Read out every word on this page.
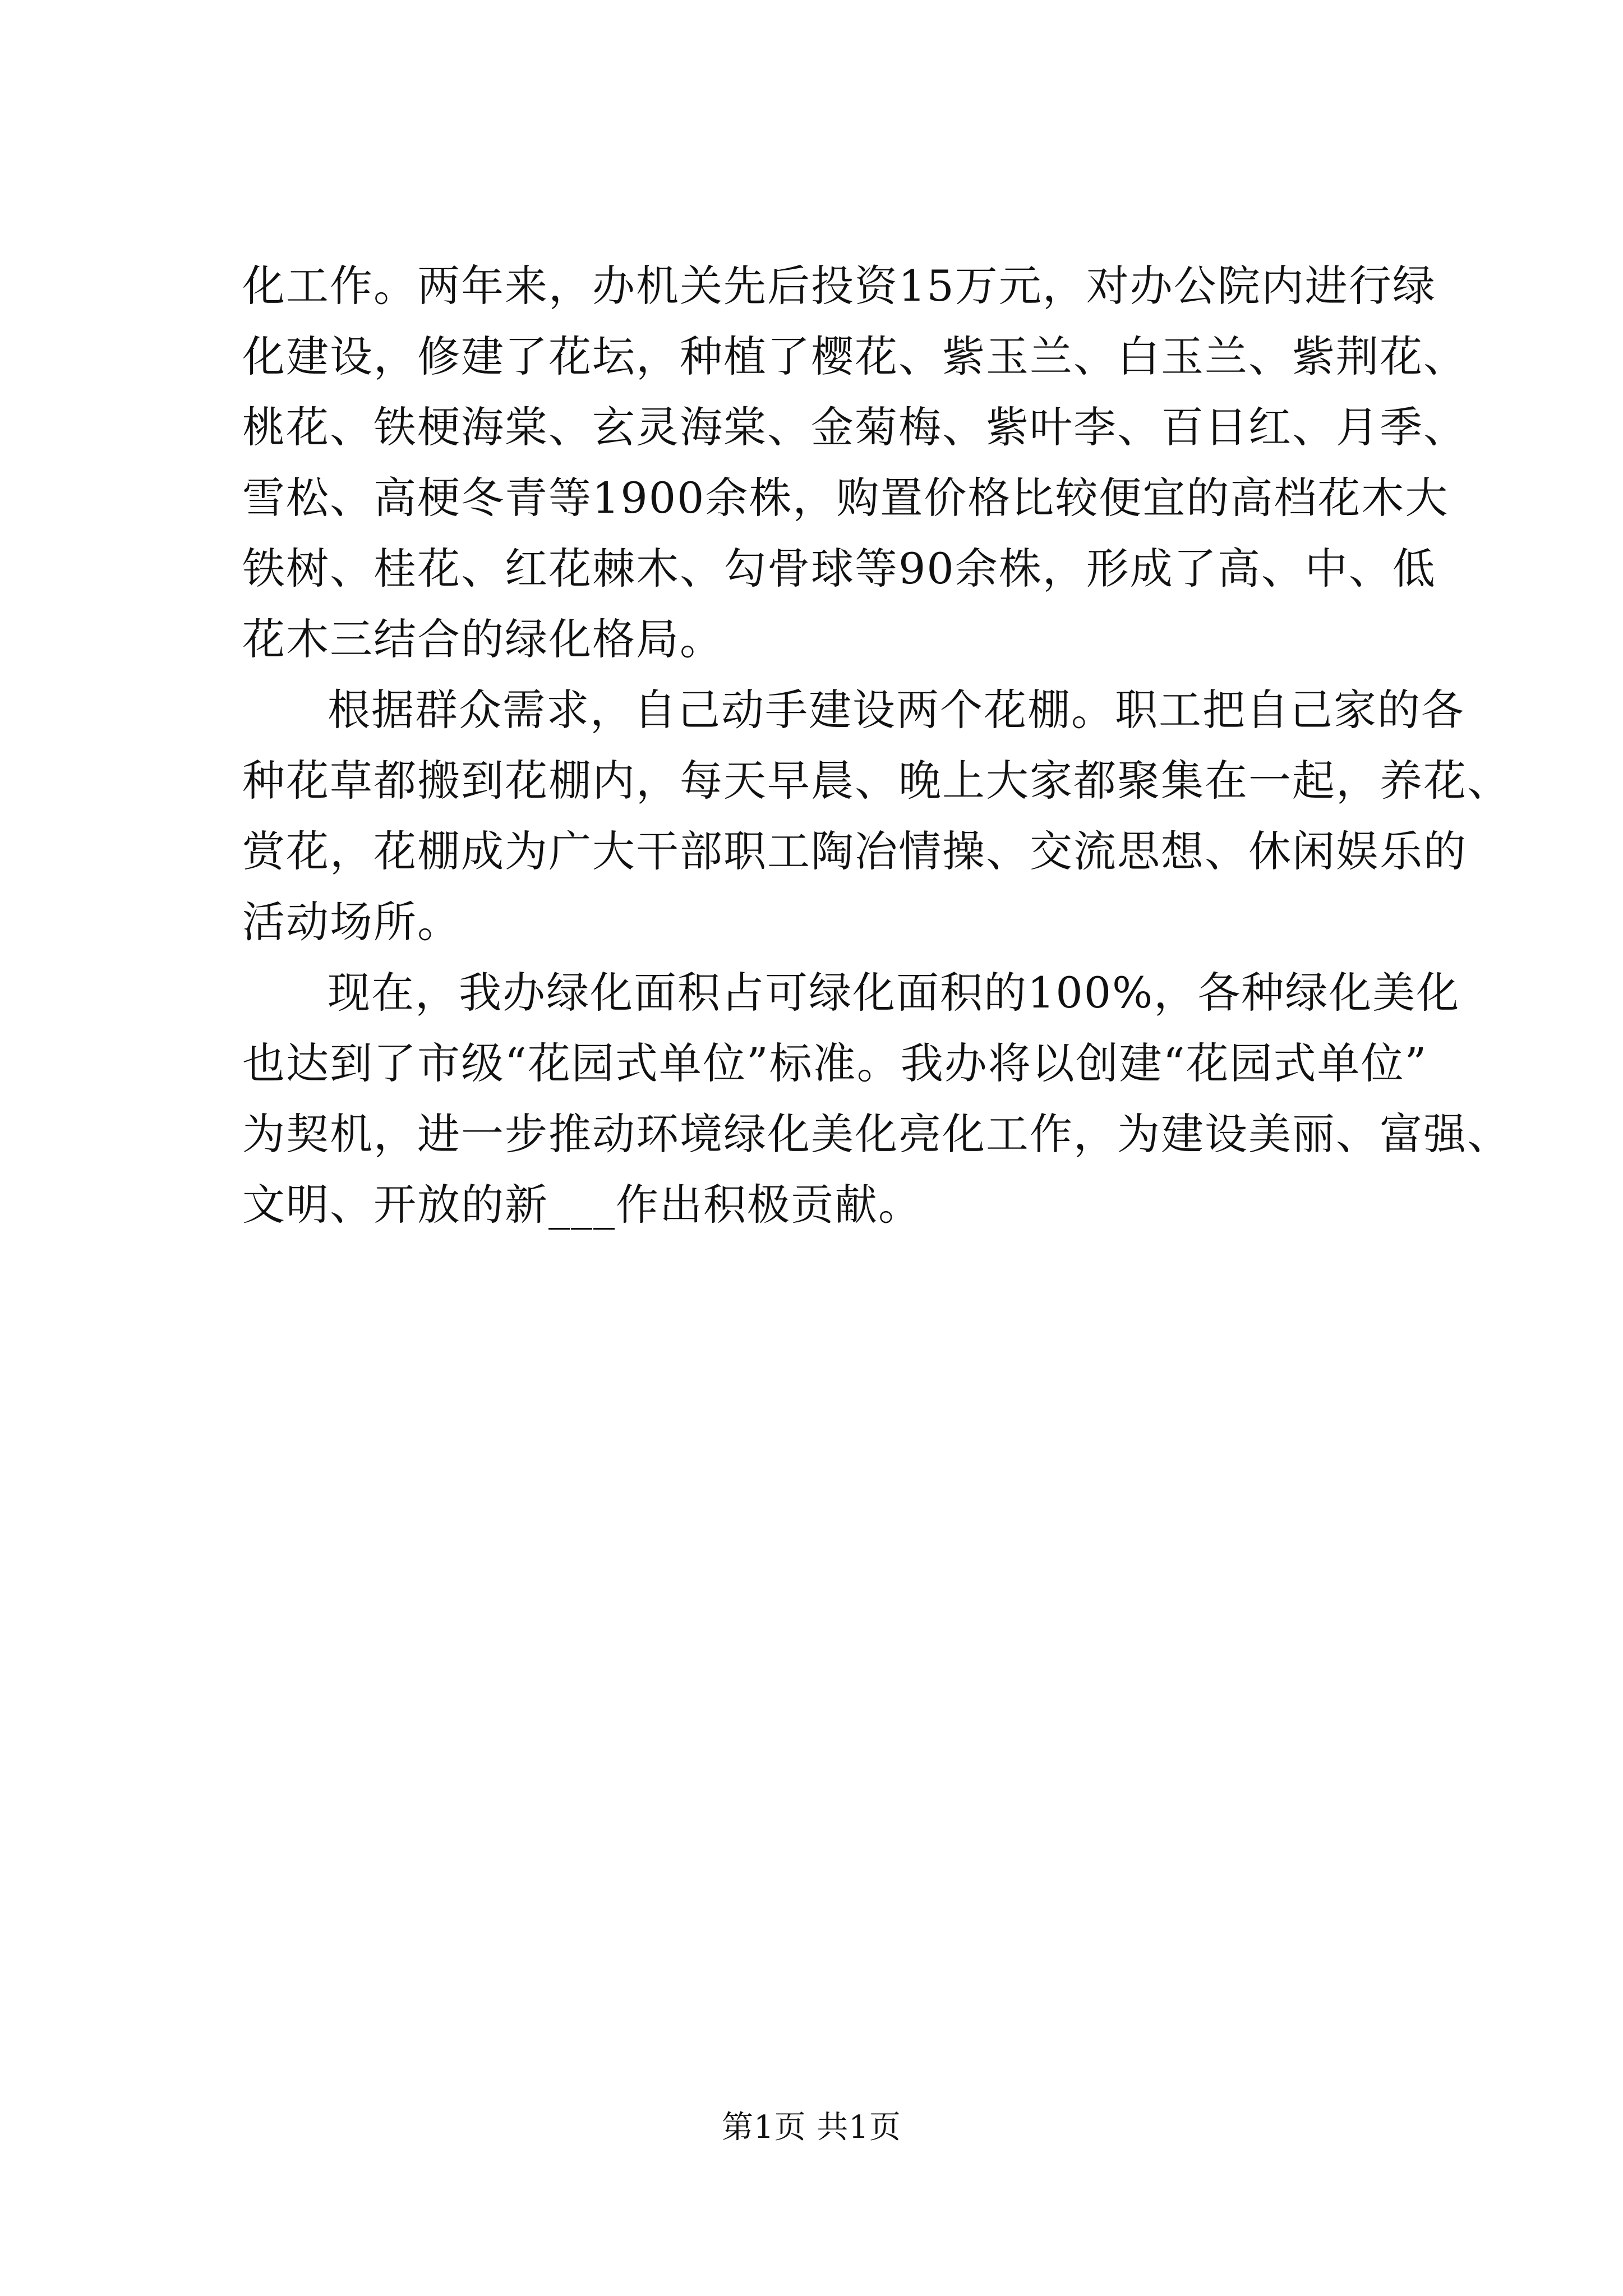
化工作。两年来，办机关先后投资15万元，对办公院内进行绿
化建设，修建了花坛，种植了樱花、紫玉兰、白玉兰、紫荆花、
桃花、铁梗海棠、玄灵海棠、金菊梅、紫叶李、百日红、月季、
雪松、高梗冬青等1900余株，购置价格比较便宜的高档花木大
铁树、桂花、红花棘木、勾骨球等90余株，形成了高、中、低
花木三结合的绿化格局。
根据群众需求，自己动手建设两个花棚。职工把自己家的各
种花草都搬到花棚内，每天早晨、晚上大家都聚集在一起，养花、
赏花，花棚成为广大干部职工陶冶情操、交流思想、休闲娱乐的
活动场所。
现在，我办绿化面积占可绿化面积的100%，各种绿化美化
也达到了市级“花园式单位”标准。我办将以创建“花园式单位”
为契机，进一步推动环境绿化美化亮化工作，为建设美丽、富强、
文明、开放的新___作出积极贡献。
第1页 共1页
